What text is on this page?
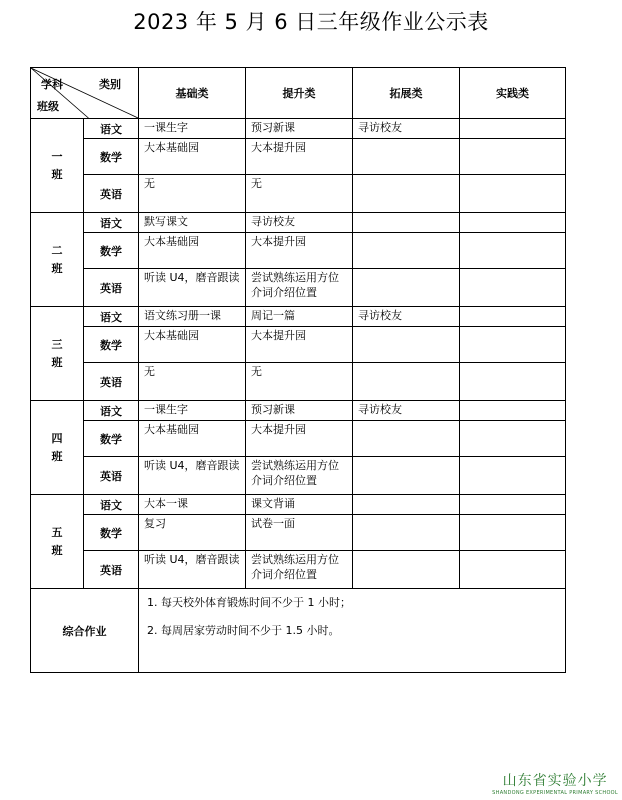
2023 年 5 月 6 日三年级作业公示表
学科 类别
班级		基础类	提升类	拓展类	实践类

一
班	语文	一课生字	预习新课	寻访校友	

	数学	大本基础园	大本提升园		

	英语	无	无		

二
班	语文	默写课文	寻访校友		

	数学	大本基础园	大本提升园		

	英语	听读 U4，磨音跟读	尝试熟练运用方位介词介绍位置		

三
班	语文	语文练习册一课	周记一篇	寻访校友	

	数学	大本基础园	大本提升园		

	英语	无	无		

四
班	语文	一课生字	预习新课	寻访校友	

	数学	大本基础园	大本提升园		

	英语	听读 U4，磨音跟读	尝试熟练运用方位介词介绍位置		

五
班	语文	大本一课	课文背诵		

	数学	复习	试卷一面		

	英语	听读 U4，磨音跟读	尝试熟练运用方位介词介绍位置		

综合作业		1. 每天校外体育锻炼时间不少于 1 小时；

2. 每周居家劳动时间不少于 1.5 小时。			

山东省实验小学
SHANDONG EXPERIMENTAL PRIMARY SCHOOL
